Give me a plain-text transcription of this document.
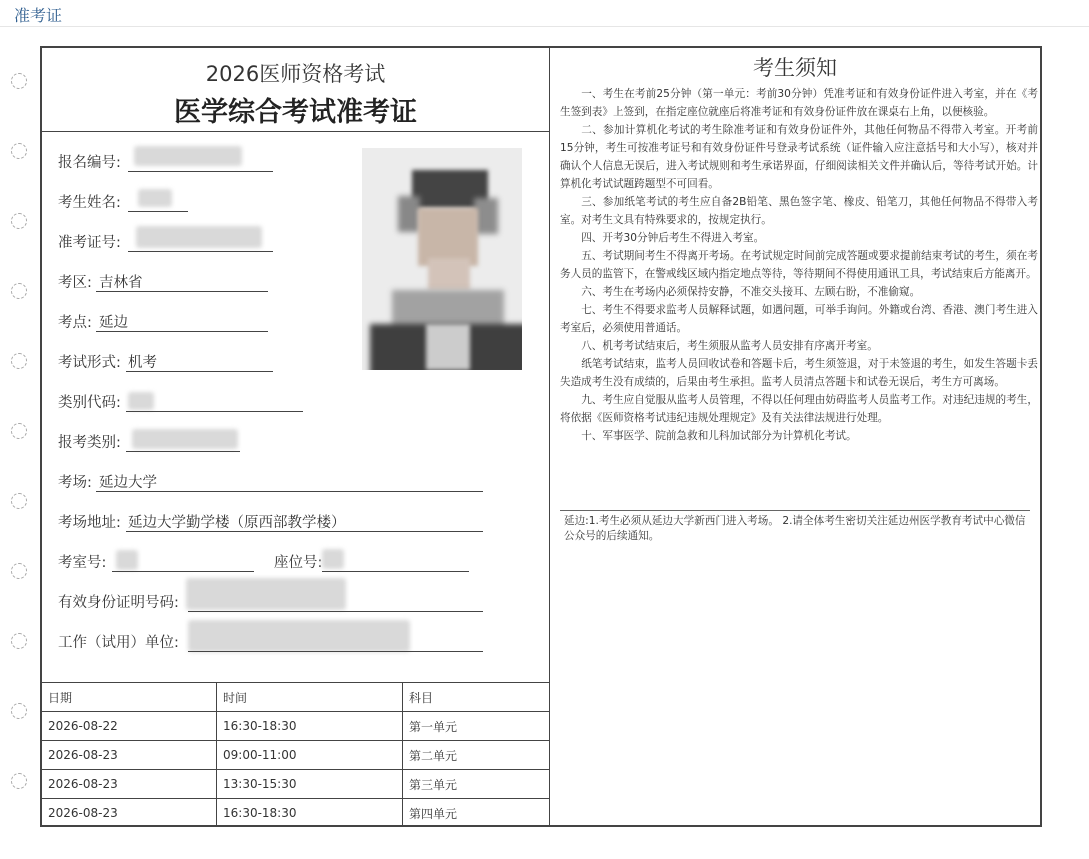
准考证
2026医师资格考试
医学综合考试准考证
报名编号:
考生姓名:
准考证号:
考区: 吉林省
考点: 延边
考试形式: 机考
类别代码:
报考类别:
考场: 延边大学
考场地址: 延边大学勤学楼（原西部教学楼）
考室号:	座位号:
有效身份证明号码:
工作（试用）单位:
日期	时间	科目
2026-08-22	16:30-18:30	第一单元
2026-08-23	09:00-11:00	第二单元
2026-08-23	13:30-15:30	第三单元
2026-08-23	16:30-18:30	第四单元
考生须知

一、考生在考前25分钟（第一单元：考前30分钟）凭准考证和有效身份证件进入考室，并在《考生签到表》上签到，在指定座位就座后将准考证和有效身份证件放在课桌右上角，以便核验。

二、参加计算机化考试的考生除准考证和有效身份证件外，其他任何物品不得带入考室。开考前15分钟，考生可按准考证号和有效身份证件号登录考试系统（证件输入应注意括号和大小写），核对并确认个人信息无误后，进入考试规则和考生承诺界面，仔细阅读相关文件并确认后，等待考试开始。计算机化考试试题跨题型不可回看。

三、参加纸笔考试的考生应自备2B铅笔、黑色签字笔、橡皮、铅笔刀，其他任何物品不得带入考室。对考生文具有特殊要求的，按规定执行。

四、开考30分钟后考生不得进入考室。

五、考试期间考生不得离开考场。在考试规定时间前完成答题或要求提前结束考试的考生，须在考务人员的监管下，在警戒线区域内指定地点等待，等待期间不得使用通讯工具，考试结束后方能离开。

六、考生在考场内必须保持安静，不准交头接耳、左顾右盼，不准偷窥。

七、考生不得要求监考人员解释试题，如遇问题，可举手询问。外籍或台湾、香港、澳门考生进入考室后，必须使用普通话。

八、机考考试结束后，考生须服从监考人员安排有序离开考室。

纸笔考试结束，监考人员回收试卷和答题卡后，考生须签退，对于未签退的考生，如发生答题卡丢失造成考生没有成绩的，后果由考生承担。监考人员清点答题卡和试卷无误后，考生方可离场。

九、考生应自觉服从监考人员管理，不得以任何理由妨碍监考人员监考工作。对违纪违规的考生，将依据《医师资格考试违纪违规处理规定》及有关法律法规进行处理。

十、军事医学、院前急救和儿科加试部分为计算机化考试。

延边:1.考生必须从延边大学新西门进入考场。 2.请全体考生密切关注延边州医学教育考试中心微信公众号的后续通知。
